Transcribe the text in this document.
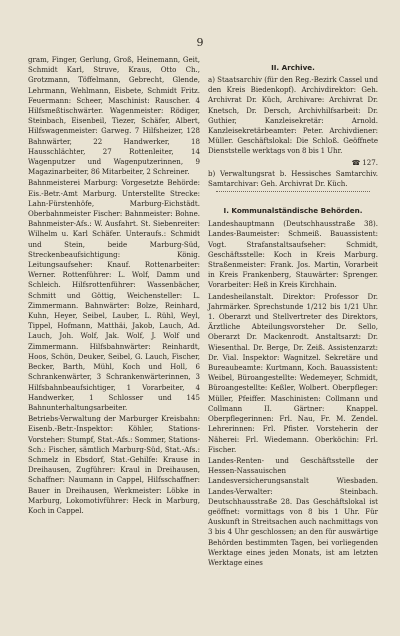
9

gram, Finger, Gerlung, Groß, Heinemann, Geit, Schmidt Karl, Struve, Kraus, Otto Ch., Grotzmann, Töffelmann, Gebrecht, Glende, Lehrmann, Wehlmann, Eisbete, Schmidt Fritz. Feuermann: Scheer, Maschinist: Rauscher. 4 Hilfsmeßtischwärter. Wagenmeister: Rödiger, Steinbach, Eisenbeil, Tiezer, Schäfer, Albert, Hilfswagenmeister: Garweg. 7 Hilfsheizer, 128 Bahnwärter, 22 Handwerker, 18 Hausschlächter, 27 Rottenleiter, 14 Wagenputzer und Wagenputzerinnen, 9 Magazinarbeiter, 86 Mitarbeiter, 2 Schreiner.

Bahnmeisterei Marburg: Vorgesetzte Behörde: Eis.-Betr.-Amt Marburg. Unterstellte Strecke: Lahn-Fürstenhöfe, Marburg-Eichstädt. Oberbahnmeister Fischer: Bahnmeister: Bohne. Bahnmeister-Afs.: W. Ausfahrt. St. Siebenreiter: Wilhelm u. Karl Schäfer. Unteraufs.: Schmidt und Stein, beide Marburg-Süd, Streckenbeaufsichtigung: König. Leitungsaufseher: Knauf. Rottenarbeiter: Werner. Rottenführer: L. Wolf, Damm und Schleich. Hilfsrottenführer: Wassenbächer, Schmitt und Göttig, Weichensteller: L. Zimmermann. Bahnwärter: Bolze, Reinhard, Kuhn, Heyer, Seibel, Lauber, L. Rühl, Weyl, Tippel, Hofmann, Matthäi, Jakob, Lauch, Ad. Lauch, Joh. Wolf, Jak. Wolf, J. Wolf und Zimmermann. Hilfsbahnwärter: Reinhardt, Hoos, Schön, Deuker, Seibel, G. Lauch, Fischer, Becker, Barth, Mühl, Koch und Holl, 6 Schrankenwärter, 3 Schrankenwärterinnen, 3 Hilfsbahnbeaufsichtiger, 1 Vorarbeiter, 4 Handwerker, 1 Schlosser und 145 Bahnunterhaltungsarbeiter.

Betriebs-Verwaltung der Marburger Kreisbahn: Eisenb.-Betr.-Inspektor: Köhler, Stations-Vorsteher: Stumpf, Stat.-Afs.: Sommer, Stations-Sch.: Fischer, sämtlich Marburg-Süd, Stat.-Afs.: Schmelz in Ebsdorf, Stat.-Gehilfe: Krause in Dreihausen, Zugführer: Kraul in Dreihausen, Schaffner: Naumann in Cappel, Hilfsschaffner: Bauer in Dreihausen, Werkmeister: Löbke in Marburg, Lokomotivführer: Heck in Marburg, Koch in Cappel.

II. Archive.

a) Staatsarchiv (für den Reg.-Bezirk Cassel und den Kreis Biedenkopf). Archivdirektor: Geh. Archivrat Dr. Küch, Archivare: Archivrat Dr. Knetsch, Dr. Dersch, Archivhilfsarbeit: Dr. Guthier, Kanzleisekretär: Arnold. Kanzleisekretärbeamter: Peter. Archivdiener: Müller. Geschäftslokal: Die Schloß. Geöffnete Dienststelle werktags von 8 bis 1 Uhr.

☎ 127.

b) Verwaltungsrat b. Hessisches Samtarchiv. Samtarchivar: Geh. Archivrat Dr. Küch.

I. Kommunalständische Behörden.

Landeshauptmann (Deutschhausstraße 38). Landes-Baumeister: Schmeiß. Bauassistent: Vogt. Strafanstaltsaufseher: Schmidt, Geschäftsstelle: Koch in Kreis Marburg. Straßenmeister: Frank. Jos. Martin, Vorarbeit in Kreis Frankenberg, Stauwärter: Sprenger. Vorarbeiter: Heß in Kreis Kirchhain.

Landesheilanstalt. Direktor: Professor Dr. Jahrmärker. Sprechstunde 1/212 bis 1/21 Uhr. 1. Oberarzt und Stellvertreter des Direktors, Ärztliche Abteilungsvorsteher Dr. Sello, Oberarzt Dr. Mackenrodt. Anstaltsarzt: Dr. Wiesenthal. Dr. Berge, Dr. Zeiß. Assistenzarzt: Dr. Vial. Inspektor: Wagnitzel. Sekretäre und Bureaubeamte: Kurtmann, Koch. Bauassistent: Weibel, Büroangestellte: Wedemeyer, Schmidt, Büroangestellte: Keßler, Wolbert. Oberpfleger: Müller, Pfeiffer. Maschinisten: Collmann und Collmann II. Gärtner: Knappel. Oberpflegerinnen: Frl. Nau, Fr. M. Zendel. Lehrerinnen: Frl. Pfister. Vorsteherin der Näherei: Frl. Wiedemann. Oberköchin: Frl. Fischer.

Landes-Renten- und Geschäftsstelle der Hessen-Nassauischen Landesversicherungsanstalt Wiesbaden. Landes-Verwalter: Steinbach. Deutschhausstraße 28. Das Geschäftslokal ist geöffnet: vormittags von 8 bis 1 Uhr. Für Auskunft in Streitsachen auch nachmittags von 3 bis 4 Uhr geschlossen; an den für auswärtige Behörden bestimmten Tagen, bei vorliegenden Werktage eines jeden Monats, ist am letzten Werktage eines
